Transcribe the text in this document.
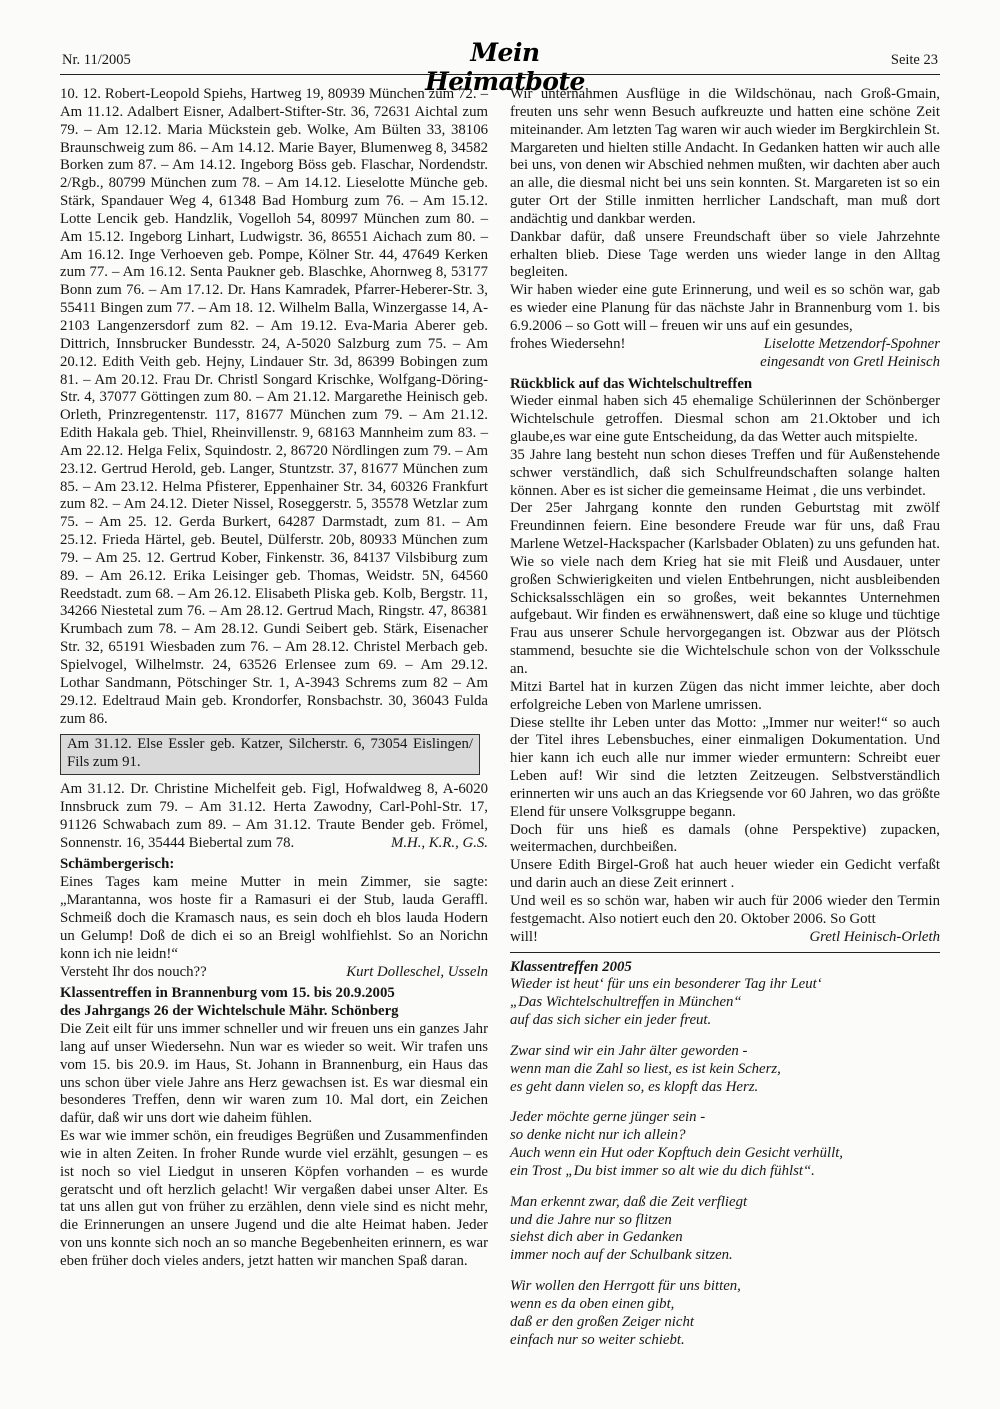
Nr. 11/2005	Mein Heimatbote
Seite 23

10. 12. Robert-Leopold Spiehs, Hartweg 19, 80939 München zum 72. – Am 11.12. Adalbert Eisner, Adalbert-Stifter-Str. 36, 72631 Aichtal zum 79. – Am 12.12. Maria Mückstein geb. Wolke, Am Bülten 33, 38106 Braunschweig zum 86. – Am 14.12. Marie Bayer, Blumenweg 8, 34582 Borken zum 87. – Am 14.12. Ingeborg Böss geb. Flaschar, Nordendstr. 2/Rgb., 80799 München zum 78. – Am 14.12. Lieselotte Münche geb. Stärk, Spandauer Weg 4, 61348 Bad Homburg zum 76. – Am 15.12. Lotte Lencik geb. Handzlik, Vogelloh 54, 80997 München zum 80. – Am 15.12. Ingeborg Linhart, Ludwigstr. 36, 86551 Aichach zum 80. – Am 16.12. Inge Verhoeven geb. Pompe, Kölner Str. 44, 47649 Kerken zum 77. – Am 16.12. Senta Paukner geb. Blaschke, Ahornweg 8, 53177 Bonn zum 76. – Am 17.12. Dr. Hans Kamradek, Pfarrer-Heberer-Str. 3, 55411 Bingen zum 77. – Am 18. 12. Wilhelm Balla, Winzergasse 14, A-2103 Langenzersdorf zum 82. – Am 19.12. Eva-Maria Aberer geb. Dittrich, Innsbrucker Bundesstr. 24, A-5020 Salzburg zum 75. – Am 20.12. Edith Veith geb. Hejny, Lindauer Str. 3d, 86399 Bobingen zum 81. – Am 20.12. Frau Dr. Christl Songard Krischke, Wolfgang-Döring-Str. 4, 37077 Göttingen zum 80. – Am 21.12. Margarethe Heinisch geb. Orleth, Prinzregentenstr. 117, 81677 München zum 79. – Am 21.12. Edith Hakala geb. Thiel, Rheinvillenstr. 9, 68163 Mannheim zum 83. – Am 22.12. Helga Felix, Squindostr. 2, 86720 Nördlingen zum 79. – Am 23.12. Gertrud Herold, geb. Langer, Stuntzstr. 37, 81677 München zum 85. – Am 23.12. Helma Pfisterer, Eppenhainer Str. 34, 60326 Frankfurt zum 82. – Am 24.12. Dieter Nissel, Roseggerstr. 5, 35578 Wetzlar zum 75. – Am 25. 12. Gerda Burkert, 64287 Darmstadt, zum 81. – Am 25.12. Frieda Härtel, geb. Beutel, Dülferstr. 20b, 80933 München zum 79. – Am 25. 12. Gertrud Kober, Finkenstr. 36, 84137 Vilsbiburg zum 89. – Am 26.12. Erika Leisinger geb. Thomas, Weidstr. 5N, 64560 Reedstadt. zum 68. – Am 26.12. Elisabeth Pliska geb. Kolb, Bergstr. 11, 34266 Niestetal zum 76. – Am 28.12. Gertrud Mach, Ringstr. 47, 86381 Krumbach zum 78. – Am 28.12. Gundi Seibert geb. Stärk, Eisenacher Str. 32, 65191 Wiesbaden zum 76. – Am 28.12. Christel Merbach geb. Spielvogel, Wilhelmstr. 24, 63526 Erlensee zum 69. – Am 29.12. Lothar Sandmann, Pötschinger Str. 1, A-3943 Schrems zum 82 – Am 29.12. Edeltraud Main geb. Krondorfer, Ronsbachstr. 30, 36043 Fulda zum 86.

Am 31.12. Else Essler geb. Katzer, Silcherstr. 6, 73054 Eislingen/ Fils zum 91.

Am 31.12. Dr. Christine Michelfeit geb. Figl, Hofwaldweg 8, A-6020 Innsbruck zum 79. – Am 31.12. Herta Zawodny, Carl-Pohl-Str. 17, 91126 Schwabach zum 89. – Am 31.12. Traute Bender geb. Frömel, Sonnenstr. 16, 35444 Biebertal zum 78.	M.H., K.R., G.S.

Schämbergerisch:

Eines Tages kam meine Mutter in mein Zimmer, sie sagte: „Marantanna, wos hoste fir a Ramasuri ei der Stub, lauda Geraffl. Schmeiß doch die Kramasch naus, es sein doch eh blos lauda Hodern un Gelump! Doß de dich ei so an Breigl wohlfiehlst. So an Norichn konn ich nie leidn!“

Versteht Ihr dos nouch??	Kurt Dolleschel, Usseln

Klassentreffen in Brannenburg vom 15. bis 20.9.2005

des Jahrgangs 26 der Wichtelschule Mähr. Schönberg

Die Zeit eilt für uns immer schneller und wir freuen uns ein ganzes Jahr lang auf unser Wiedersehn. Nun war es wieder so weit. Wir trafen uns vom 15. bis 20.9. im Haus, St. Johann in Brannenburg, ein Haus das uns schon über viele Jahre ans Herz gewachsen ist. Es war diesmal ein besonderes Treffen, denn wir waren zum 10. Mal dort, ein Zeichen dafür, daß wir uns dort wie daheim fühlen.

Es war wie immer schön, ein freudiges Begrüßen und Zusammenfinden wie in alten Zeiten. In froher Runde wurde viel erzählt, gesungen – es ist noch so viel Liedgut in unseren Köpfen vorhanden – es wurde geratscht und oft herzlich gelacht! Wir vergaßen dabei unser Alter. Es tat uns allen gut von früher zu erzählen, denn viele sind es nicht mehr, die Erinnerungen an unsere Jugend und die alte Heimat haben. Jeder von uns konnte sich noch an so manche Begebenheiten erinnern, es war eben früher doch vieles anders, jetzt hatten wir manchen Spaß daran.

Wir unternahmen Ausflüge in die Wildschönau, nach Groß-Gmain, freuten uns sehr wenn Besuch aufkreuzte und hatten eine schöne Zeit miteinander. Am letzten Tag waren wir auch wieder im Bergkirchlein St. Margareten und hielten stille Andacht. In Gedanken hatten wir auch alle bei uns, von denen wir Abschied nehmen mußten, wir dachten aber auch an alle, die diesmal nicht bei uns sein konnten. St. Margareten ist so ein guter Ort der Stille inmitten herrlicher Landschaft, man muß dort andächtig und dankbar werden.

Dankbar dafür, daß unsere Freundschaft über so viele Jahrzehnte erhalten blieb. Diese Tage werden uns wieder lange in den Alltag begleiten.

Wir haben wieder eine gute Erinnerung, und weil es so schön war, gab es wieder eine Planung für das nächste Jahr in Brannenburg vom 1. bis 6.9.2006 – so Gott will – freuen wir uns auf ein gesundes,

frohes Wiedersehn!	Liselotte Metzendorf-Spohner
eingesandt von Gretl Heinisch

Rückblick auf das Wichtelschultreffen

Wieder einmal haben sich 45 ehemalige Schülerinnen der Schönberger Wichtelschule getroffen. Diesmal schon am 21.Oktober und ich glaube,es war eine gute Entscheidung, da das Wetter auch mitspielte.

35 Jahre lang besteht nun schon dieses Treffen und für Außenstehende schwer verständlich, daß sich Schulfreundschaften solange halten können. Aber es ist sicher die gemeinsame Heimat , die uns verbindet.

Der 25er Jahrgang konnte den runden Geburtstag mit zwölf Freundinnen feiern. Eine besondere Freude war für uns, daß Frau Marlene Wetzel-Hackspacher (Karlsbader Oblaten) zu uns gefunden hat.

Wie so viele nach dem Krieg hat sie mit Fleiß und Ausdauer, unter großen Schwierigkeiten und vielen Entbehrungen, nicht ausbleibenden Schicksalsschlägen ein so großes, weit bekanntes Unternehmen aufgebaut. Wir finden es erwähnenswert, daß eine so kluge und tüchtige Frau aus unserer Schule hervorgegangen ist. Obzwar aus der Plötsch stammend, besuchte sie die Wichtelschule schon von der Volksschule an.

Mitzi Bartel hat in kurzen Zügen das nicht immer leichte, aber doch erfolgreiche Leben von Marlene umrissen.

Diese stellte ihr Leben unter das Motto: „Immer nur weiter!“ so auch der Titel ihres Lebensbuches, einer einmaligen Dokumentation. Und hier kann ich euch alle nur immer wieder ermuntern: Schreibt euer Leben auf! Wir sind die letzten Zeitzeugen. Selbstverständlich erinnerten wir uns auch an das Kriegsende vor 60 Jahren, wo das größte Elend für unsere Volksgruppe begann.

Doch für uns hieß es damals (ohne Perspektive) zupacken, weitermachen, durchbeißen.

Unsere Edith Birgel-Groß hat auch heuer wieder ein Gedicht verfaßt und darin auch an diese Zeit erinnert .

Und weil es so schön war, haben wir auch für 2006 wieder den Termin festgemacht. Also notiert euch den 20. Oktober 2006. So Gott

will!	Gretl Heinisch-Orleth

Klassentreffen 2005

Wieder ist heut‘ für uns ein besonderer Tag ihr Leut‘
„Das Wichtelschultreffen in München“
auf das sich sicher ein jeder freut.
Zwar sind wir ein Jahr älter geworden -
wenn man die Zahl so liest, es ist kein Scherz,
es geht dann vielen so, es klopft das Herz.
Jeder möchte gerne jünger sein -
so denke nicht nur ich allein?
Auch wenn ein Hut oder Kopftuch dein Gesicht verhüllt,
ein Trost „Du bist immer so alt wie du dich fühlst“.
Man erkennt zwar, daß die Zeit verfliegt
und die Jahre nur so flitzen
siehst dich aber in Gedanken
immer noch auf der Schulbank sitzen.
Wir wollen den Herrgott für uns bitten,
wenn es da oben einen gibt,
daß er den großen Zeiger nicht
einfach nur so weiter schiebt.
